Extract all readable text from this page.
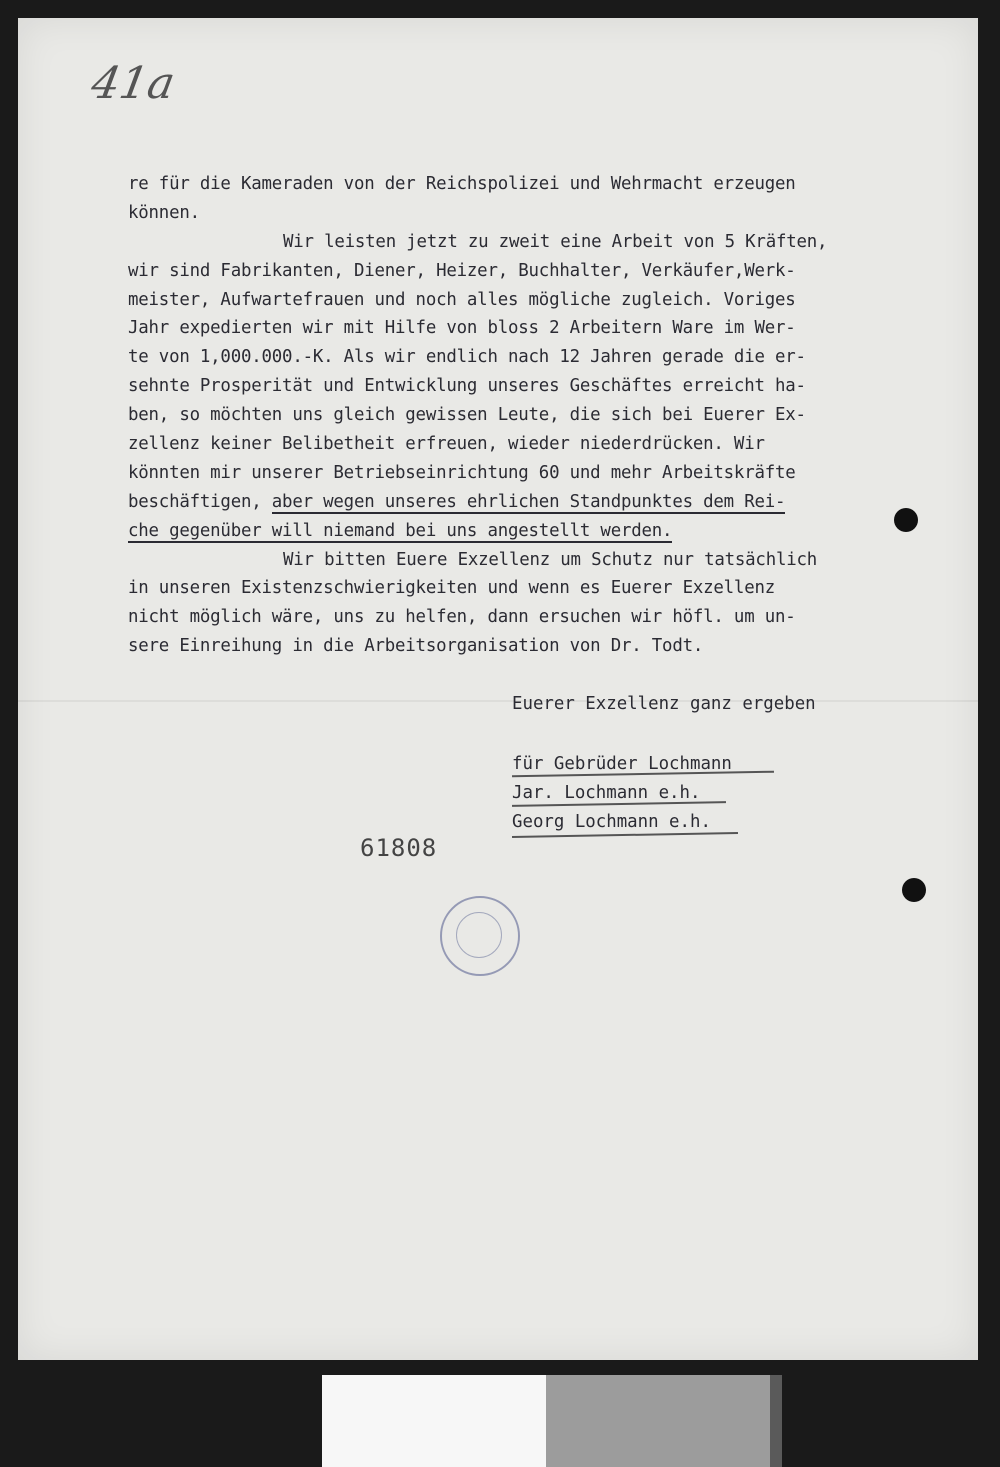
41a
re für die Kameraden von der Reichspolizei und Wehrmacht erzeugen
können.
Wir leisten jetzt zu zweit eine Arbeit von 5 Kräften,
wir sind Fabrikanten, Diener, Heizer, Buchhalter, Verkäufer,Werk-
meister, Aufwartefrauen und noch alles mögliche zugleich. Voriges
Jahr expedierten wir mit Hilfe von bloss 2 Arbeitern Ware im Wer-
te von 1,000.000.-K. Als wir endlich nach 12 Jahren gerade die er-
sehnte Prosperität und Entwicklung unseres Geschäftes erreicht ha-
ben, so möchten uns gleich gewissen Leute, die sich bei Euerer Ex-
zellenz keiner Belibetheit erfreuen, wieder niederdrücken. Wir
könnten mir unserer Betriebseinrichtung 60 und mehr Arbeitskräfte
beschäftigen, aber wegen unseres ehrlichen Standpunktes dem Rei-
che gegenüber will niemand bei uns angestellt werden.
Wir bitten Euere Exzellenz um Schutz nur tatsächlich
in unseren Existenzschwierigkeiten und wenn es Euerer Exzellenz
nicht möglich wäre, uns zu helfen, dann ersuchen wir höfl. um un-
sere Einreihung in die Arbeitsorganisation von Dr. Todt.
Euerer Exzellenz ganz ergeben
für Gebrüder Lochmann
Jar. Lochmann e.h.
Georg Lochmann e.h.
61808
